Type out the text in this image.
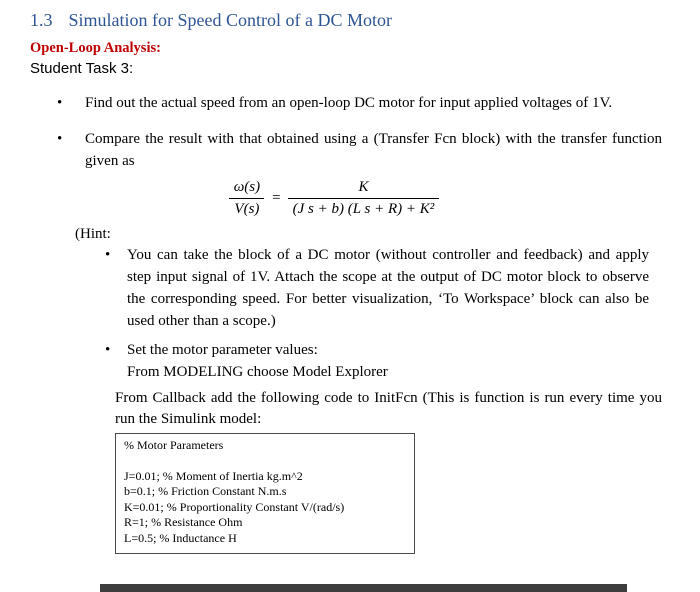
1.3 Simulation for Speed Control of a DC Motor
Open-Loop Analysis:
Student Task 3:
•	Find out the actual speed from an open-loop DC motor for input applied voltages of 1V.
•	Compare the result with that obtained using a (Transfer Fcn block) with the transfer function given as
$\frac{\omega(s)}{V(s)} = \frac{K}{\text{(J s + b) (L s + R) + K²}}$
(Hint:
•	You can take the block of a DC motor (without controller and feedback) and apply step input signal of 1V. Attach the scope at the output of DC motor block to observe the corresponding speed. For better visualization, ‘To Workspace’ block can also be used other than a scope.)
•	Set the motor parameter values:
From MODELING choose Model Explorer
From Callback add the following code to InitFcn (This is function is run every time you run the Simulink model:
% Motor Parameters
J=0.01; % Moment of Inertia kg.m^2
b=0.1; % Friction Constant N.m.s
K=0.01; % Proportionality Constant V/(rad/s)
R=1; % Resistance Ohm
L=0.5; % Inductance H
